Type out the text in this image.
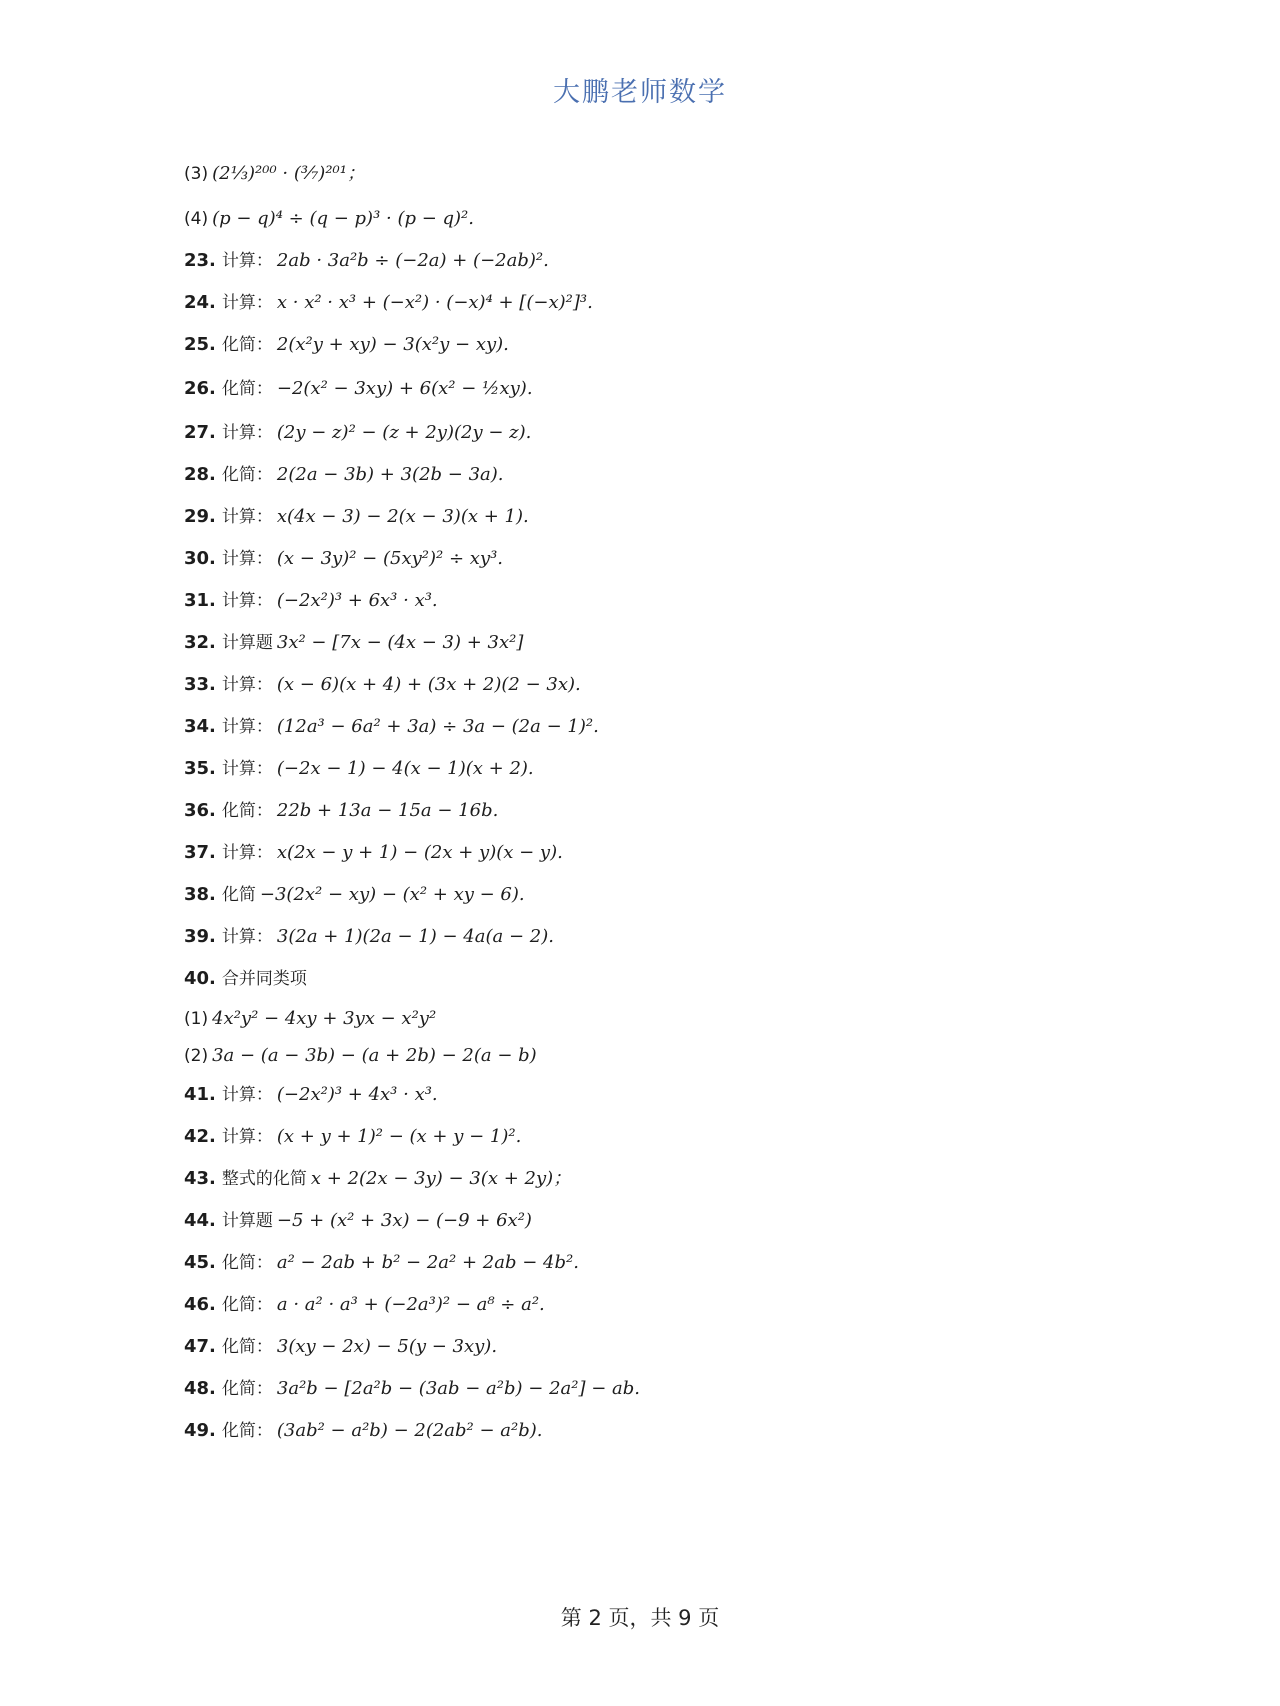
大鹏老师数学
(3) (2⅓)²⁰⁰ · (³⁄₇)²⁰¹；
(4) (p − q)⁴ ÷ (q − p)³ · (p − q)².
23. 计算： 2ab · 3a²b ÷ (−2a) + (−2ab)².
24. 计算： x · x² · x³ + (−x²) · (−x)⁴ + [(−x)²]³.
25. 化简： 2(x²y + xy) − 3(x²y − xy).
26. 化简： −2(x² − 3xy) + 6(x² − ½xy).
27. 计算： (2y − z)² − (z + 2y)(2y − z).
28. 化简： 2(2a − 3b) + 3(2b − 3a).
29. 计算： x(4x − 3) − 2(x − 3)(x + 1).
30. 计算： (x − 3y)² − (5xy²)² ÷ xy³.
31. 计算： (−2x²)³ + 6x³ · x³.
32. 计算题 3x² − [7x − (4x − 3) + 3x²]
33. 计算： (x − 6)(x + 4) + (3x + 2)(2 − 3x).
34. 计算： (12a³ − 6a² + 3a) ÷ 3a − (2a − 1)².
35. 计算： (−2x − 1) − 4(x − 1)(x + 2).
36. 化简： 22b + 13a − 15a − 16b.
37. 计算： x(2x − y + 1) − (2x + y)(x − y).
38. 化简 −3(2x² − xy) − (x² + xy − 6).
39. 计算： 3(2a + 1)(2a − 1) − 4a(a − 2).
40. 合并同类项
(1) 4x²y² − 4xy + 3yx − x²y²
(2) 3a − (a − 3b) − (a + 2b) − 2(a − b)
41. 计算： (−2x²)³ + 4x³ · x³.
42. 计算： (x + y + 1)² − (x + y − 1)².
43. 整式的化简 x + 2(2x − 3y) − 3(x + 2y)；
44. 计算题 −5 + (x² + 3x) − (−9 + 6x²)
45. 化简： a² − 2ab + b² − 2a² + 2ab − 4b².
46. 化简： a · a² · a³ + (−2a³)² − a⁸ ÷ a².
47. 化简： 3(xy − 2x) − 5(y − 3xy).
48. 化简： 3a²b − [2a²b − (3ab − a²b) − 2a²] − ab.
49. 化简： (3ab² − a²b) − 2(2ab² − a²b).
第 2 页，共 9 页
